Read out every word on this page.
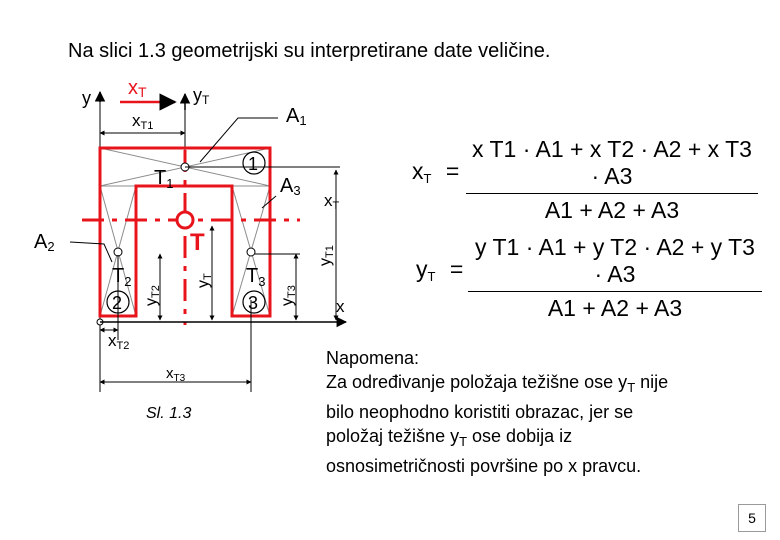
Na slici 1.3 geometrijski su interpretirane date veličine.
y xT	yT
xT1	A1
$T_1$
1
A3
xT
A2	T
$T_2$	$T_3$
2	3
yT2
yT
yT3
yT1
x
xT2
$x_{T3}$
Sl. 1.3
$x_T = \frac{\text{x T1 · A1 + x T2 · A2 + x T3 · A3}}{A1 + A2 + A3}$
$y_T = \frac{\text{y T1 · A1 + y T2 · A2 + y T3 · A3}}{A1 + A2 + A3}$
Napomena:
Za određivanje položaja težišne ose $y_T$ nije
bilo neophodno koristiti obrazac, jer se
položaj težišne $y_T$ ose dobija iz
osnosimetričnosti površine po x pravcu.
5
